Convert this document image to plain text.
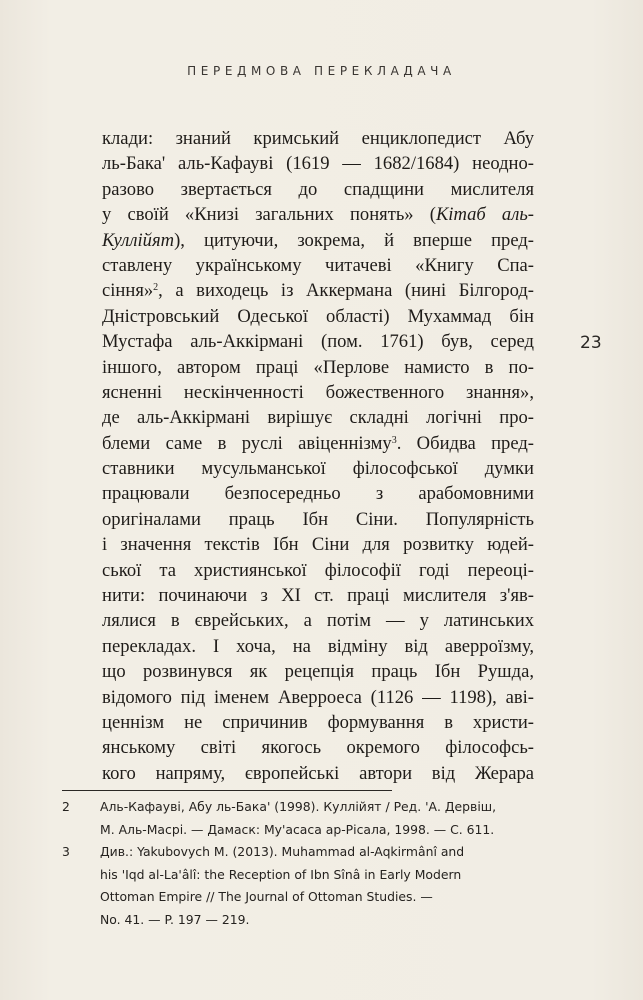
ПЕРЕДМОВА ПЕРЕКЛАДАЧА
23
клади: знаний кримський енциклопедист Абу
ль-Бака' аль-Кафауві (1619 — 1682/1684) неодно-
разово звертається до спадщини мислителя
у своїй «Книзі загальних понять» (Кітаб аль-
Куллійят), цитуючи, зокрема, й вперше пред-
ставлену українському читачеві «Книгу Спа-
сіння»$^2$, а виходець із Аккермана (нині Білгород-
Дністровський Одеської області) Мухаммад бін
Мустафа аль-Аккірмані (пом. 1761) був, серед
іншого, автором праці «Перлове намисто в по-
ясненні нескінченності божественного знання»,
де аль-Аккірмані вирішує складні логічні про-
блеми саме в руслі авіценнізму$^3$. Обидва пред-
ставники мусульманської філософської думки
працювали безпосередньо з арабомовними
оригіналами праць Ібн Сіни. Популярність
і значення текстів Ібн Сіни для розвитку юдей-
ської та християнської філософії годі переоці-
нити: починаючи з XI ст. праці мислителя з'яв-
лялися в єврейських, а потім — у латинських
перекладах. І хоча, на відміну від аверроїзму,
що розвинувся як рецепція праць Ібн Рушда,
відомого під іменем Аверроеса (1126 — 1198), аві-
ценнізм не спричинив формування в христи-
янському світі якогось окремого філософсь-
кого напряму, європейські автори від Жерара
2 Аль-Кафауві, Абу ль-Бака' (1998). Куллійят / Ред. 'А. Дервіш,
М. Аль-Масрі. — Дамаск: Му'асаса ар-Рісала, 1998. — С. 611.
3 Див.: Yakubovych M. (2013). Muhammad al-Aqkirmânî and
his 'Iqd al-La'âlî: the Reception of Ibn Sînâ in Early Modern
Ottoman Empire // The Journal of Ottoman Studies. —
No. 41. — P. 197 — 219.
